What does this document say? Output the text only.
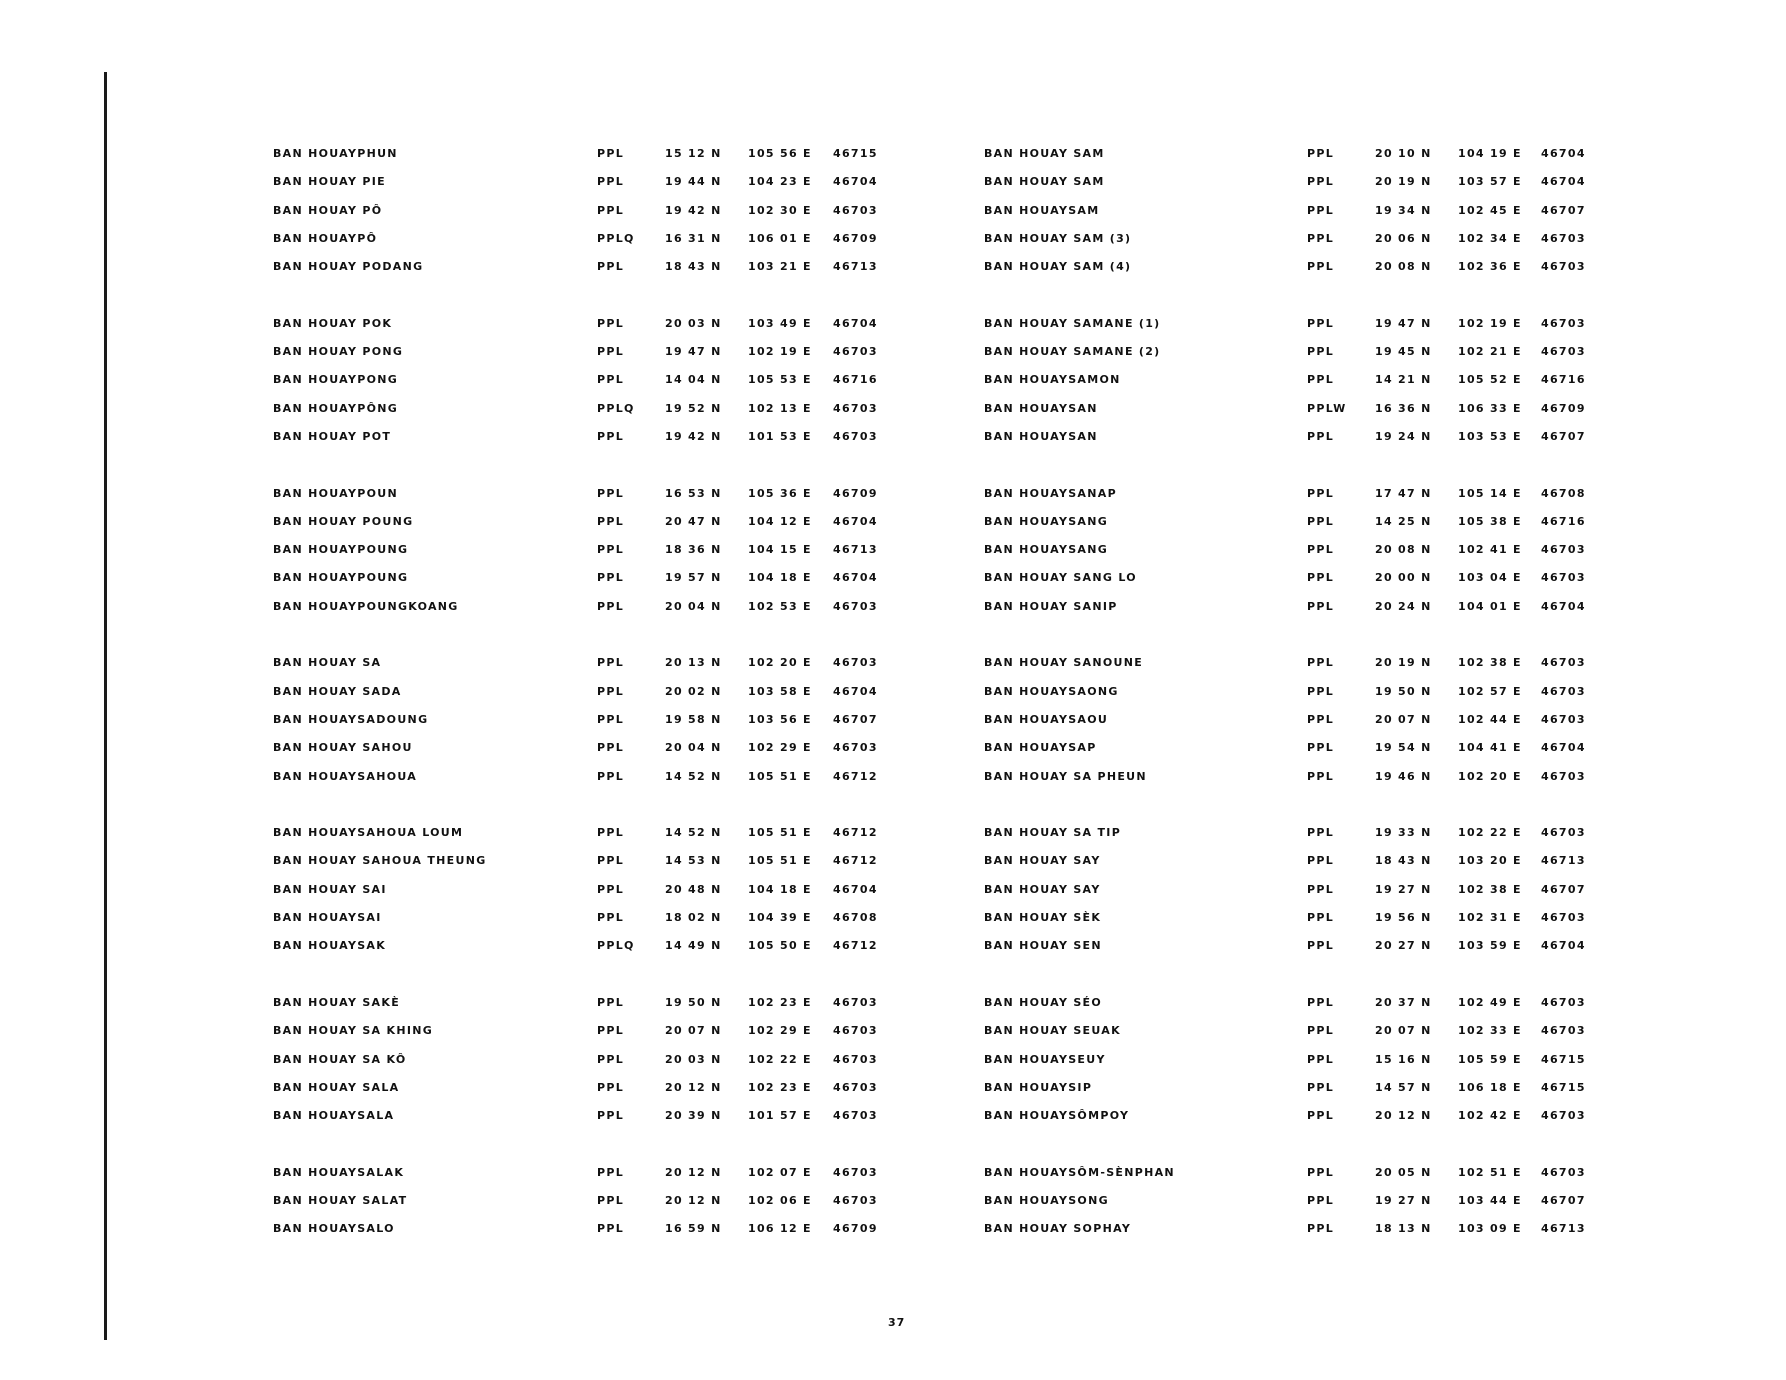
BAN HOUAYPHUN	PPL	15 12 N 105 56 E 46715
BAN HOUAY PIE	PPL	19 44 N 104 23 E 46704
BAN HOUAY PÔ	PPL	19 42 N 102 30 E 46703
BAN HOUAYPÔ	PPLQ	16 31 N 106 01 E 46709
BAN HOUAY PODANG	PPL	18 43 N 103 21 E 46713
BAN HOUAY POK	PPL	20 03 N 103 49 E 46704
BAN HOUAY PONG	PPL	19 47 N 102 19 E 46703
BAN HOUAYPONG	PPL	14 04 N 105 53 E 46716
BAN HOUAYPÔNG	PPLQ	19 52 N 102 13 E 46703
BAN HOUAY POT	PPL	19 42 N 101 53 E 46703
BAN HOUAYPOUN	PPL	16 53 N 105 36 E 46709
BAN HOUAY POUNG	PPL	20 47 N 104 12 E 46704
BAN HOUAYPOUNG	PPL	18 36 N 104 15 E 46713
BAN HOUAYPOUNG	PPL	19 57 N 104 18 E 46704
BAN HOUAYPOUNGKOANG	PPL	20 04 N 102 53 E 46703
BAN HOUAY SA	PPL	20 13 N 102 20 E 46703
BAN HOUAY SADA	PPL	20 02 N 103 58 E 46704
BAN HOUAYSADOUNG	PPL	19 58 N 103 56 E 46707
BAN HOUAY SAHOU	PPL	20 04 N 102 29 E 46703
BAN HOUAYSAHOUA	PPL	14 52 N 105 51 E 46712
BAN HOUAYSAHOUA LOUM	PPL	14 52 N 105 51 E 46712
BAN HOUAY SAHOUA THEUNG	PPL	14 53 N 105 51 E 46712
BAN HOUAY SAI	PPL	20 48 N 104 18 E 46704
BAN HOUAYSAI	PPL	18 02 N 104 39 E 46708
BAN HOUAYSAK	PPLQ	14 49 N 105 50 E 46712
BAN HOUAY SAKÈ	PPL	19 50 N 102 23 E 46703
BAN HOUAY SA KHING	PPL	20 07 N 102 29 E 46703
BAN HOUAY SA KÔ	PPL	20 03 N 102 22 E 46703
BAN HOUAY SALA	PPL	20 12 N 102 23 E 46703
BAN HOUAYSALA	PPL	20 39 N 101 57 E 46703
BAN HOUAYSALAK	PPL	20 12 N 102 07 E 46703
BAN HOUAY SALAT	PPL	20 12 N 102 06 E 46703
BAN HOUAYSALO	PPL	16 59 N 106 12 E 46709
BAN HOUAY SAM	PPL	20 10 N 104 19 E 46704
BAN HOUAY SAM	PPL	20 19 N 103 57 E 46704
BAN HOUAYSAM	PPL	19 34 N 102 45 E 46707
BAN HOUAY SAM (3)	PPL	20 06 N 102 34 E 46703
BAN HOUAY SAM (4)	PPL	20 08 N 102 36 E 46703
BAN HOUAY SAMANE (1)	PPL	19 47 N 102 19 E 46703
BAN HOUAY SAMANE (2)	PPL	19 45 N 102 21 E 46703
BAN HOUAYSAMON	PPL	14 21 N 105 52 E 46716
BAN HOUAYSAN	PPLW	16 36 N 106 33 E 46709
BAN HOUAYSAN	PPL	19 24 N 103 53 E 46707
BAN HOUAYSANAP	PPL	17 47 N 105 14 E 46708
BAN HOUAYSANG	PPL	14 25 N 105 38 E 46716
BAN HOUAYSANG	PPL	20 08 N 102 41 E 46703
BAN HOUAY SANG LO	PPL	20 00 N 103 04 E 46703
BAN HOUAY SANIP	PPL	20 24 N 104 01 E 46704
BAN HOUAY SANOUNE	PPL	20 19 N 102 38 E 46703
BAN HOUAYSAONG	PPL	19 50 N 102 57 E 46703
BAN HOUAYSAOU	PPL	20 07 N 102 44 E 46703
BAN HOUAYSAP	PPL	19 54 N 104 41 E 46704
BAN HOUAY SA PHEUN	PPL	19 46 N 102 20 E 46703
BAN HOUAY SA TIP	PPL	19 33 N 102 22 E 46703
BAN HOUAY SAY	PPL	18 43 N 103 20 E 46713
BAN HOUAY SAY	PPL	19 27 N 102 38 E 46707
BAN HOUAY SÈK	PPL	19 56 N 102 31 E 46703
BAN HOUAY SEN	PPL	20 27 N 103 59 E 46704
BAN HOUAY SÉO	PPL	20 37 N 102 49 E 46703
BAN HOUAY SEUAK	PPL	20 07 N 102 33 E 46703
BAN HOUAYSEUY	PPL	15 16 N 105 59 E 46715
BAN HOUAYSIP	PPL	14 57 N 106 18 E 46715
BAN HOUAYSÔMPOY	PPL	20 12 N 102 42 E 46703
BAN HOUAYSÔM-SÈNPHAN	PPL	20 05 N 102 51 E 46703
BAN HOUAYSONG	PPL	19 27 N 103 44 E 46707
BAN HOUAY SOPHAY	PPL	18 13 N 103 09 E 46713
37
